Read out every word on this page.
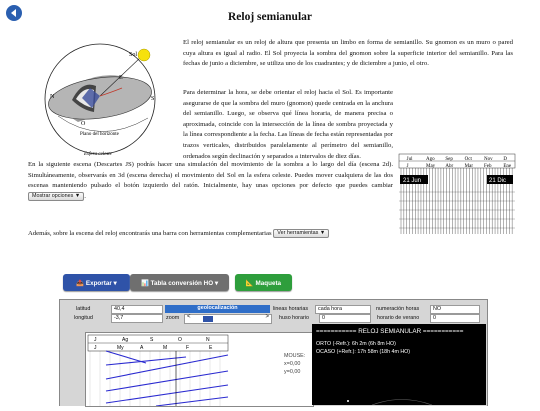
Reloj semianular
Sol
E
N	S
O
Plano del horizonte
Esfera celeste
El reloj semianular es un reloj de altura que presenta un limbo en forma de semianillo. Su gnomon es un muro o pared cuya altura es igual al radio. El Sol proyecta la sombra del gnomon sobre la superficie interior del semianillo. Para las fechas de junio a diciembre, se utiliza uno de los cuadrantes; y de diciembre a junio, el otro.
Para determinar la hora, se debe orientar el reloj hacia el Sol. Es importante asegurarse de que la sombra del muro (gnomon) quede centrada en la anchura del semianillo. Luego, se observa qué línea horaria, de manera precisa o aproximada, coincide con la intersección de la línea de sombra proyectada y la línea correspondiente a la fecha. Las líneas de fecha están representadas por trazos verticales, distribuidos paralelamente al perímetro del semianillo, ordenados según declinación y separados a intervalos de diez días.
En la siguiente escena (Descartes JS) podrás hacer una simulación del movimiento de la sombra a lo largo del día (escena 2d). Simultáneamente, observarás en 3d (escena derecha) el movimiento del Sol en la esfera celeste. Puedes mover cualquiera de las dos escenas manteniendo pulsado el botón izquierdo del ratón. Inicialmente, hay unas opciones por defecto que puedes cambiar Mostrar opciones ▼ .
Además, sobre la escena del reloj encontrarás una barra con herramientas complementarias Ver herramientas ▼
Jul	Ago Sep Oct Nov D
J	May Abr Mar Feb Ene
21 Jun	21 Dic
📤 Exportar ▾	📊 Tabla conversión HO ▾	📐 Maqueta
latitud	40,4
longitud	-3,7
geolocalización
zoom <	>
lineas horarias	cada hora	numeración horas	NO
huso horario	0	horario de verano	0
J	Ag	S	O	N
J	My	A	M	F	E
MOUSE:
x=0,00
y=0,00
=========== RELOJ SEMIANULAR ===========
ORTO (-Refr.): 6h 2m (6h 8m HO)
OCASO (+Refr.): 17h 58m (18h 4m HO)
